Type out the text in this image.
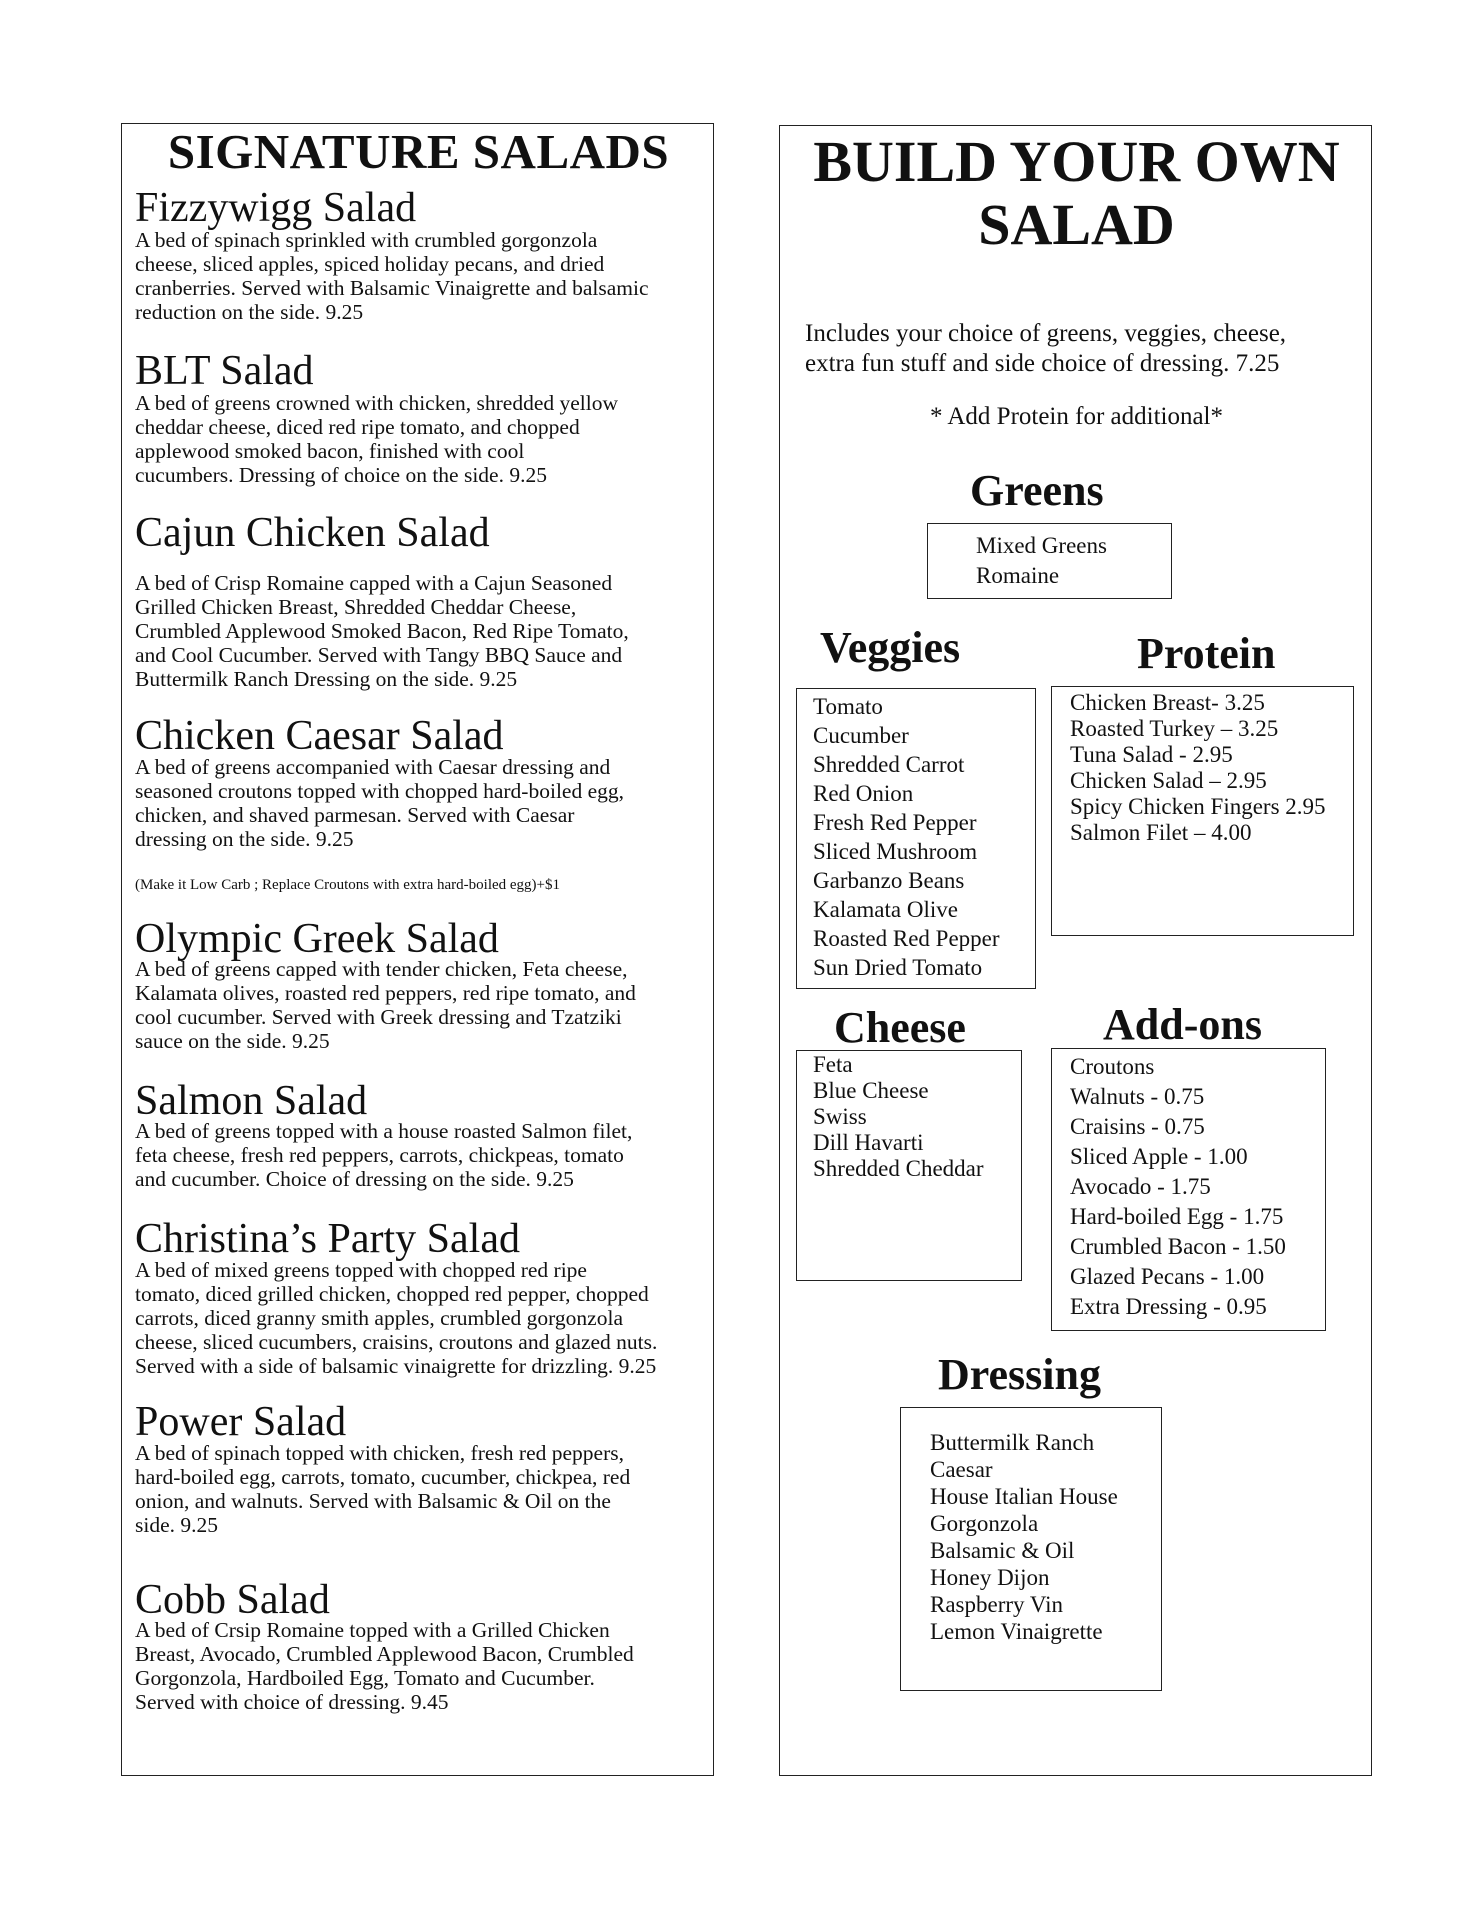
SIGNATURE SALADS
Fizzywigg Salad
A bed of spinach sprinkled with crumbled gorgonzola
cheese, sliced apples, spiced holiday pecans, and dried
cranberries. Served with Balsamic Vinaigrette and balsamic
reduction on the side. 9.25
BLT Salad
A bed of greens crowned with chicken, shredded yellow
cheddar cheese, diced red ripe tomato, and chopped
applewood smoked bacon, finished with cool
cucumbers. Dressing of choice on the side. 9.25
Cajun Chicken Salad
A bed of Crisp Romaine capped with a Cajun Seasoned
Grilled Chicken Breast, Shredded Cheddar Cheese,
Crumbled Applewood Smoked Bacon, Red Ripe Tomato,
and Cool Cucumber. Served with Tangy BBQ Sauce and
Buttermilk Ranch Dressing on the side. 9.25
Chicken Caesar Salad
A bed of greens accompanied with Caesar dressing and
seasoned croutons topped with chopped hard-boiled egg,
chicken, and shaved parmesan. Served with Caesar
dressing on the side. 9.25
(Make it Low Carb ; Replace Croutons with extra hard-boiled egg)+$1
Olympic Greek Salad
A bed of greens capped with tender chicken, Feta cheese,
Kalamata olives, roasted red peppers, red ripe tomato, and
cool cucumber. Served with Greek dressing and Tzatziki
sauce on the side. 9.25
Salmon Salad
A bed of greens topped with a house roasted Salmon filet,
feta cheese, fresh red peppers, carrots, chickpeas, tomato
and cucumber. Choice of dressing on the side. 9.25
Christina’s Party Salad
A bed of mixed greens topped with chopped red ripe
tomato, diced grilled chicken, chopped red pepper, chopped
carrots, diced granny smith apples, crumbled gorgonzola
cheese, sliced cucumbers, craisins, croutons and glazed nuts.
Served with a side of balsamic vinaigrette for drizzling. 9.25
Power Salad
A bed of spinach topped with chicken, fresh red peppers,
hard-boiled egg, carrots, tomato, cucumber, chickpea, red
onion, and walnuts. Served with Balsamic & Oil on the
side. 9.25
Cobb Salad
A bed of Crsip Romaine topped with a Grilled Chicken
Breast, Avocado, Crumbled Applewood Bacon, Crumbled
Gorgonzola, Hardboiled Egg, Tomato and Cucumber.
Served with choice of dressing. 9.45
BUILD YOUR OWN
SALAD

Includes your choice of greens, veggies, cheese,
extra fun stuff and side choice of dressing. 7.25

* Add Protein for additional*

Greens
Mixed Greens
Romaine
Veggies
Tomato
Cucumber
Shredded Carrot
Red Onion
Fresh Red Pepper
Sliced Mushroom
Garbanzo Beans
Kalamata Olive
Roasted Red Pepper
Sun Dried Tomato
Protein
Chicken Breast- 3.25
Roasted Turkey – 3.25
Tuna Salad - 2.95
Chicken Salad – 2.95
Spicy Chicken Fingers 2.95
Salmon Filet – 4.00
Cheese
Feta
Blue Cheese
Swiss
Dill Havarti
Shredded Cheddar
Add-ons
Croutons
Walnuts - 0.75
Craisins - 0.75
Sliced Apple - 1.00
Avocado - 1.75
Hard-boiled Egg - 1.75
Crumbled Bacon - 1.50
Glazed Pecans - 1.00
Extra Dressing - 0.95
Dressing
Buttermilk Ranch
Caesar
House Italian House
Gorgonzola
Balsamic & Oil
Honey Dijon
Raspberry Vin
Lemon Vinaigrette
